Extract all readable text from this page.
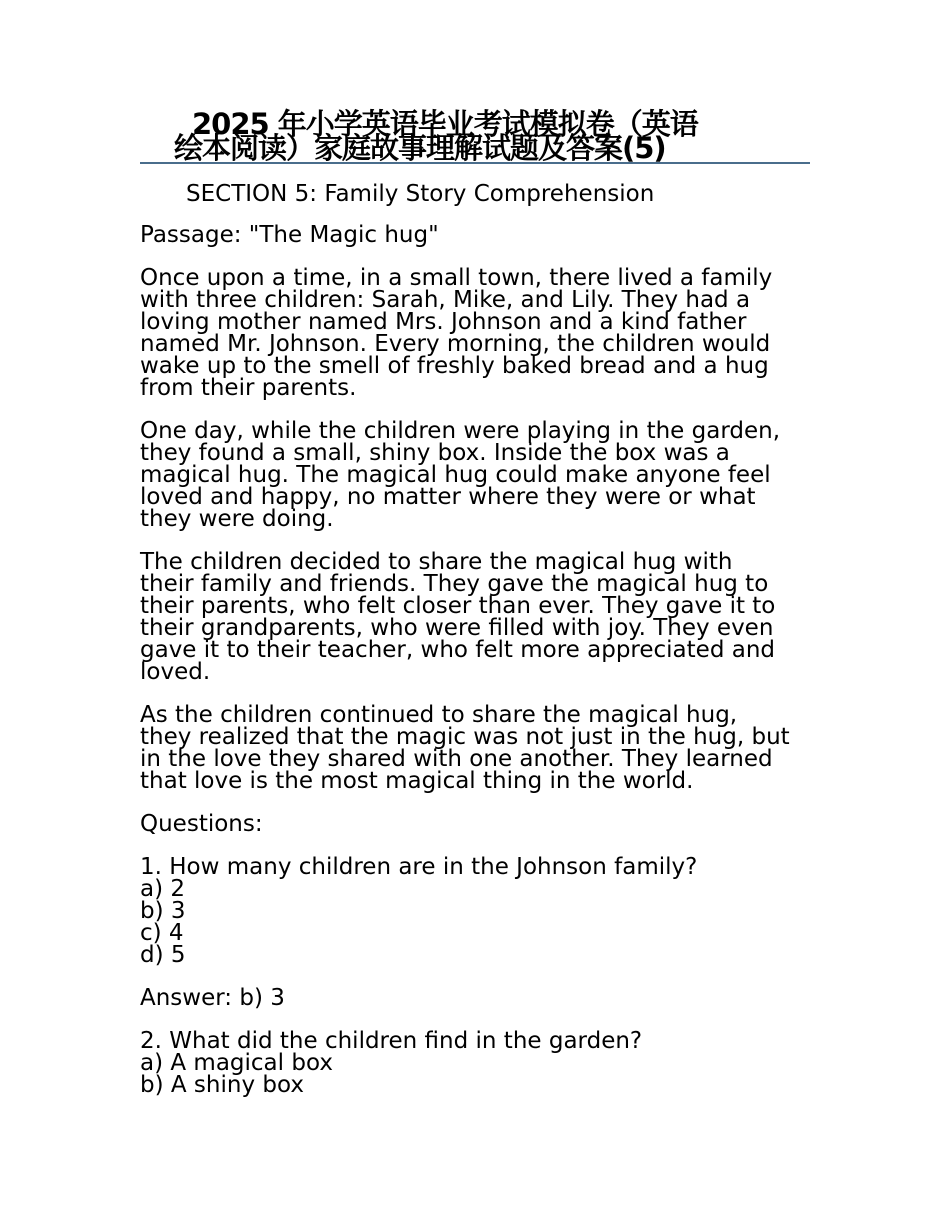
2025 年小学英语毕业考试模拟卷（英语
绘本阅读）家庭故事理解试题及答案(5)
SECTION 5: Family Story Comprehension

Passage: "The Magic hug"

Once upon a time, in a small town, there lived a family
with three children: Sarah, Mike, and Lily. They had a
loving mother named Mrs. Johnson and a kind father
named Mr. Johnson. Every morning, the children would
wake up to the smell of freshly baked bread and a hug
from their parents.

One day, while the children were playing in the garden,
they found a small, shiny box. Inside the box was a
magical hug. The magical hug could make anyone feel
loved and happy, no matter where they were or what
they were doing.

The children decided to share the magical hug with
their family and friends. They gave the magical hug to
their parents, who felt closer than ever. They gave it to
their grandparents, who were filled with joy. They even
gave it to their teacher, who felt more appreciated and
loved.

As the children continued to share the magical hug,
they realized that the magic was not just in the hug, but
in the love they shared with one another. They learned
that love is the most magical thing in the world.

Questions:

1. How many children are in the Johnson family?
a) 2
b) 3
c) 4
d) 5

Answer: b) 3

2. What did the children find in the garden?
a) A magical box
b) A shiny box
